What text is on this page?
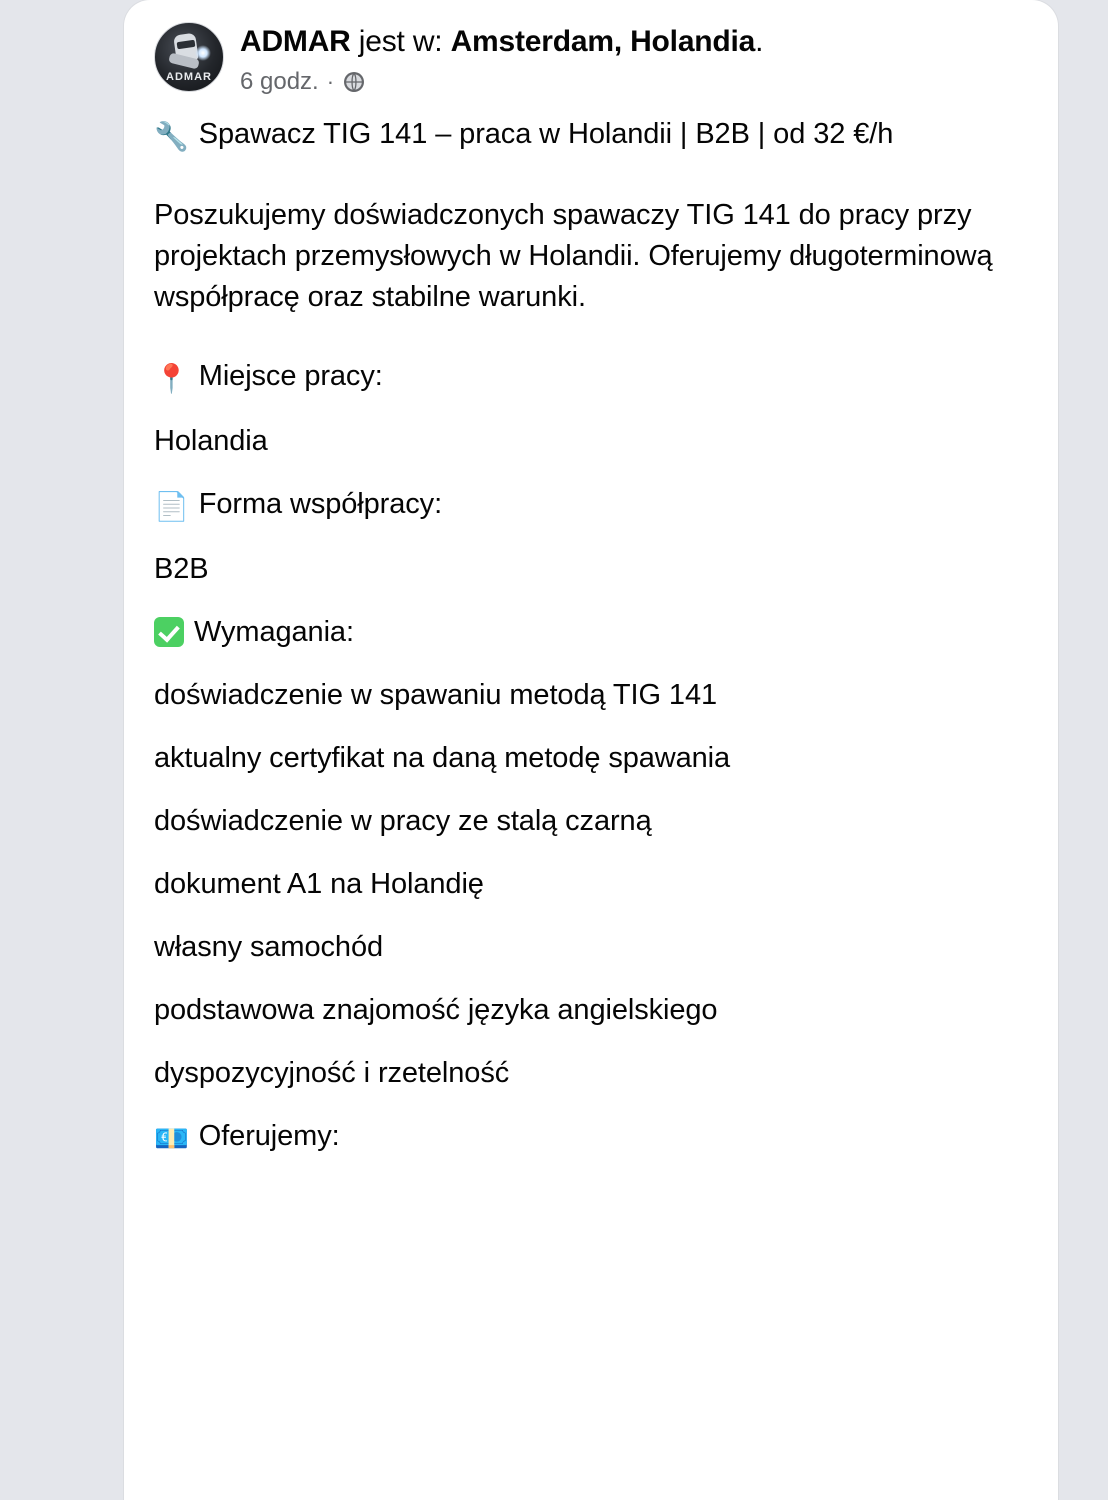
ADMAR
ADMAR jest w: Amsterdam, Holandia.
6 godz. ·

🔧 Spawacz TIG 141 – praca w Holandii | B2B | od 32 €/h

Poszukujemy doświadczonych spawaczy TIG 141 do pracy przy projektach przemysłowych w Holandii. Oferujemy długoterminową współpracę oraz stabilne warunki.

📍 Miejsce pracy:

Holandia

📄 Forma współpracy:

B2B

Wymagania:

doświadczenie w spawaniu metodą TIG 141

aktualny certyfikat na daną metodę spawania

doświadczenie w pracy ze stalą czarną

dokument A1 na Holandię

własny samochód

podstawowa znajomość języka angielskiego

dyspozycyjność i rzetelność

💶 Oferujemy:
